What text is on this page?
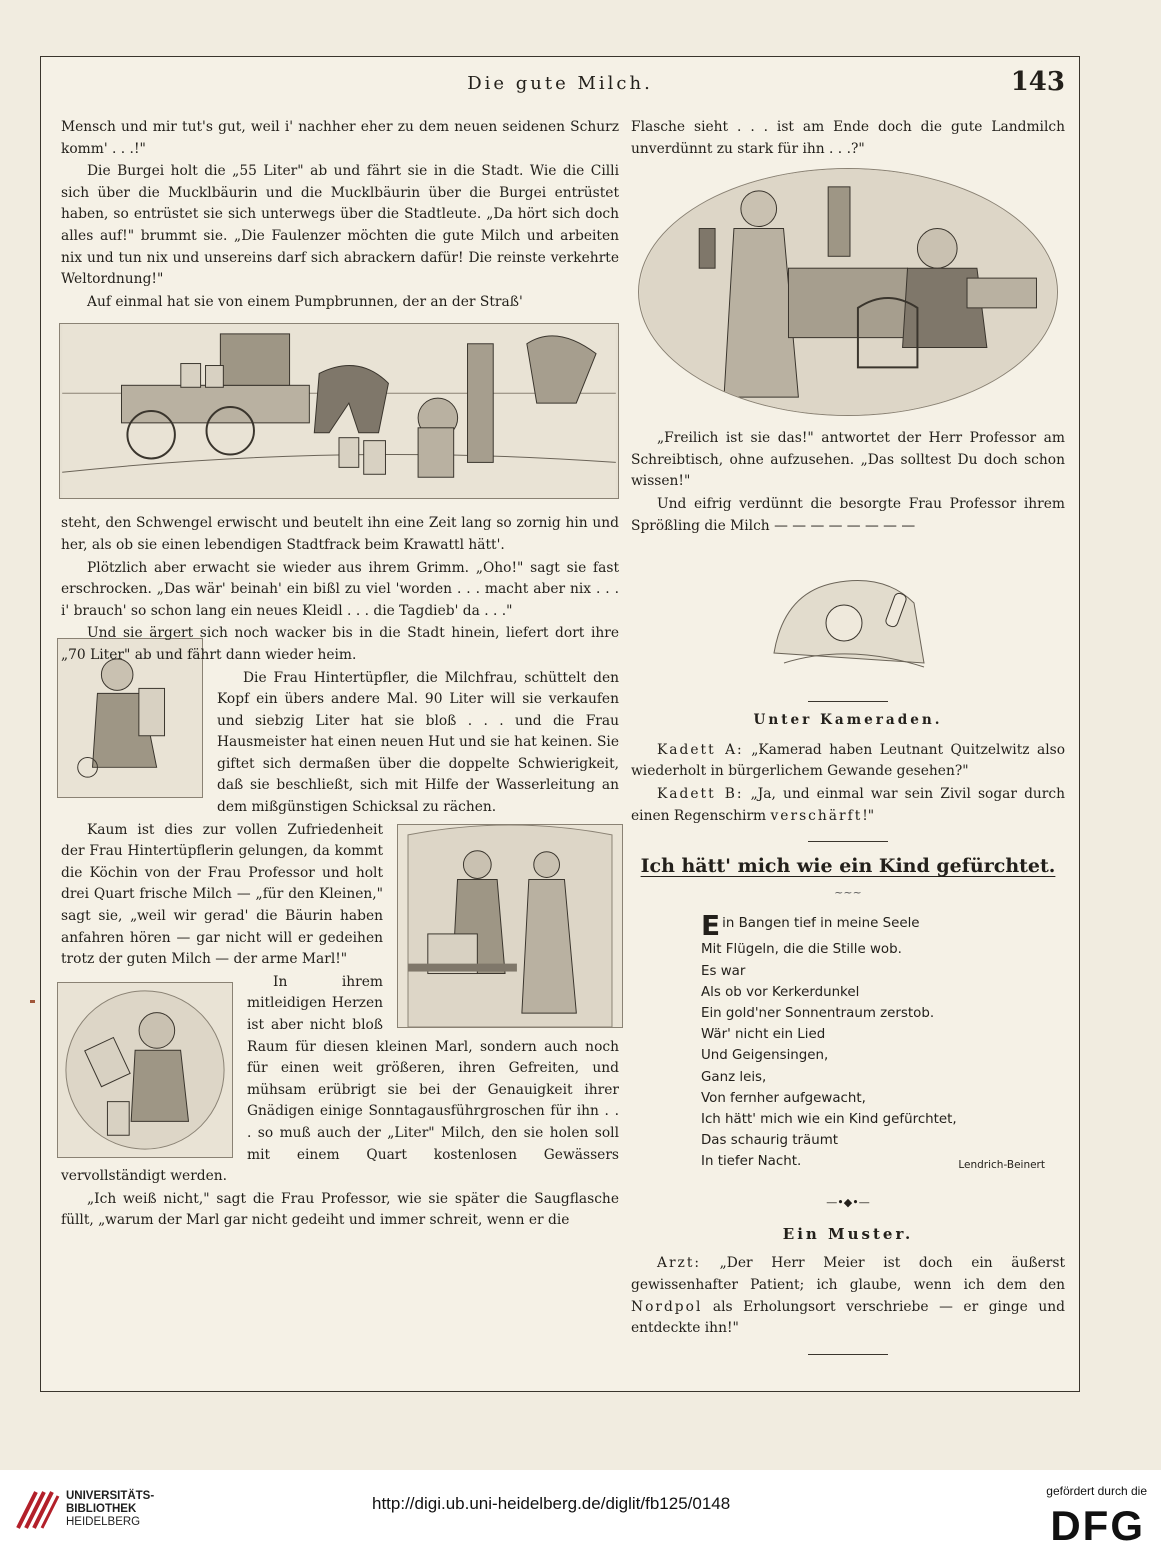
Die gute Milch.	143

Mensch und mir tut's gut, weil i' nachher eher zu dem neuen seidenen Schurz komm' . . .!"

Die Burgei holt die „55 Liter" ab und fährt sie in die Stadt. Wie die Cilli sich über die Mucklbäurin und die Mucklbäurin über die Burgei entrüstet haben, so entrüstet sie sich unterwegs über die Stadtleute. „Da hört sich doch alles auf!" brummt sie. „Die Faulenzer möchten die gute Milch und arbeiten nix und tun nix und unsereins darf sich abrackern dafür! Die reinste verkehrte Weltordnung!"

Auf einmal hat sie von einem Pumpbrunnen, der an der Straß'

steht, den Schwengel erwischt und beutelt ihn eine Zeit lang so zornig hin und her, als ob sie einen lebendigen Stadtfrack beim Krawattl hätt'.

Plötzlich aber erwacht sie wieder aus ihrem Grimm. „Oho!" sagt sie fast erschrocken. „Das wär' beinah' ein bißl zu viel 'worden . . . macht aber nix . . . i' brauch' so schon lang ein neues Kleidl . . . die Tagdieb' da . . ."

Und sie ärgert sich noch wacker bis in die Stadt hinein, liefert dort ihre „70 Liter" ab und fährt dann wieder heim.

Die Frau Hintertüpfler, die Milchfrau, schüttelt den Kopf ein übers andere Mal. 90 Liter will sie verkaufen und siebzig Liter hat sie bloß . . . und die Frau Hausmeister hat einen neuen Hut und sie hat keinen. Sie giftet sich dermaßen über die doppelte Schwierigkeit, daß sie beschließt, sich mit Hilfe der Wasserleitung an dem mißgünstigen Schicksal zu rächen.

Kaum ist dies zur vollen Zufriedenheit der Frau Hintertüpflerin gelungen, da kommt die Köchin von der Frau Professor und holt drei Quart frische Milch — „für den Kleinen," sagt sie, „weil wir gerad' die Bäurin haben anfahren hören — gar nicht will er gedeihen trotz der guten Milch — der arme Marl!"

In ihrem mitleidigen Herzen ist aber nicht bloß Raum für diesen kleinen Marl, sondern auch noch für einen weit größeren, ihren Gefreiten, und mühsam erübrigt sie bei der Genauigkeit ihrer Gnädigen einige Sonntagausführgroschen für ihn . . . so muß auch der „Liter" Milch, den sie holen soll mit einem Quart kostenlosen Gewässers vervollständigt werden.

„Ich weiß nicht," sagt die Frau Professor, wie sie später die Saugflasche füllt, „warum der Marl gar nicht gedeiht und immer schreit, wenn er die

Flasche sieht . . . ist am Ende doch die gute Landmilch unverdünnt zu stark für ihn . . .?"

„Freilich ist sie das!" antwortet der Herr Professor am Schreibtisch, ohne aufzusehen. „Das solltest Du doch schon wissen!"

Und eifrig verdünnt die besorgte Frau Professor ihrem Sprößling die Milch — — — — — — — —

Unter Kameraden.

Kadett A: „Kamerad haben Leutnant Quitzelwitz also wiederholt in bürgerlichem Gewande gesehen?"

Kadett B: „Ja, und einmal war sein Zivil sogar durch einen Regenschirm verschärft!"

Ich hätt' mich wie ein Kind gefürchtet.
~~~
Ein Bangen tief in meine Seele
Mit Flügeln, die die Stille wob.
Es war
Als ob vor Kerkerdunkel
Ein gold'ner Sonnentraum zerstob.
Wär' nicht ein Lied
Und Geigensingen,
Ganz leis,
Von fernher aufgewacht,
Ich hätt' mich wie ein Kind gefürchtet,
Das schaurig träumt
In tiefer Nacht.	Lendrich-Beinert
—•◆•—
Ein Muster.

Arzt: „Der Herr Meier ist doch ein äußerst gewissenhafter Patient; ich glaube, wenn ich dem den Nordpol als Erholungsort verschriebe — er ginge und entdeckte ihn!"

UNIVERSITÄTS-
BIBLIOTHEK
HEIDELBERG
http://digi.ub.uni-heidelberg.de/diglit/fb125/0148
gefördert durch die
DFG
